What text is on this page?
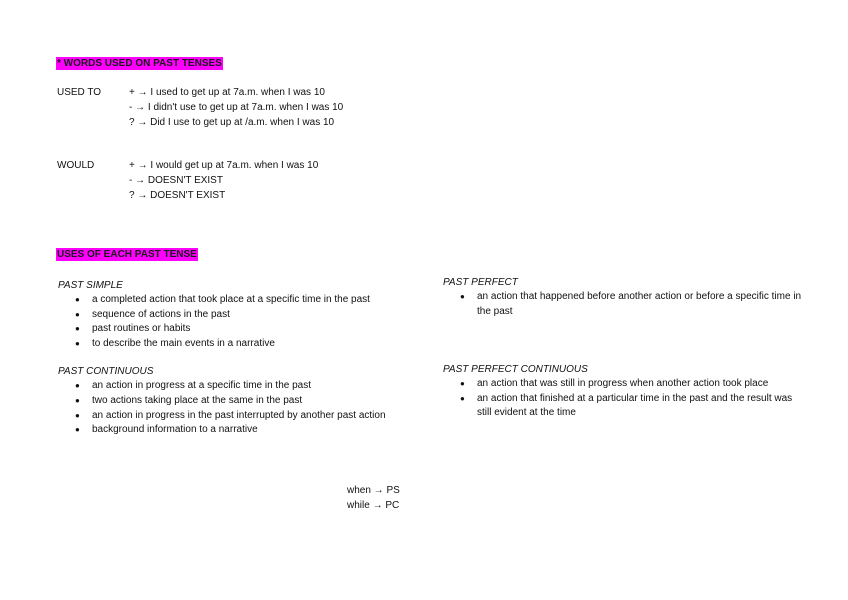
* WORDS USED ON PAST TENSES
USED TO	+ → I used to get up at 7a.m. when I was 10
- → I didn't use to get up at 7a.m. when I was 10
? → Did I use to get up at /a.m. when I was 10
WOULD	+ → I would get up at 7a.m. when I was 10
- → DOESN'T EXIST
? → DOESN'T EXIST
USES OF EACH PAST TENSE

PAST SIMPLE

● a completed action that took place at a specific time in the past
● sequence of actions in the past
● past routines or habits
● to describe the main events in a narrative

PAST CONTINUOUS

● an action in progress at a specific time in the past
● two actions taking place at the same in the past
● an action in progress in the past interrupted by another past action
● background information to a narrative

PAST PERFECT

● an action that happened before another action or before a specific time in the past

PAST PERFECT CONTINUOUS

● an action that was still in progress when another action took place
● an action that finished at a particular time in the past and the result was still evident at the time
when → PS
while → PC
